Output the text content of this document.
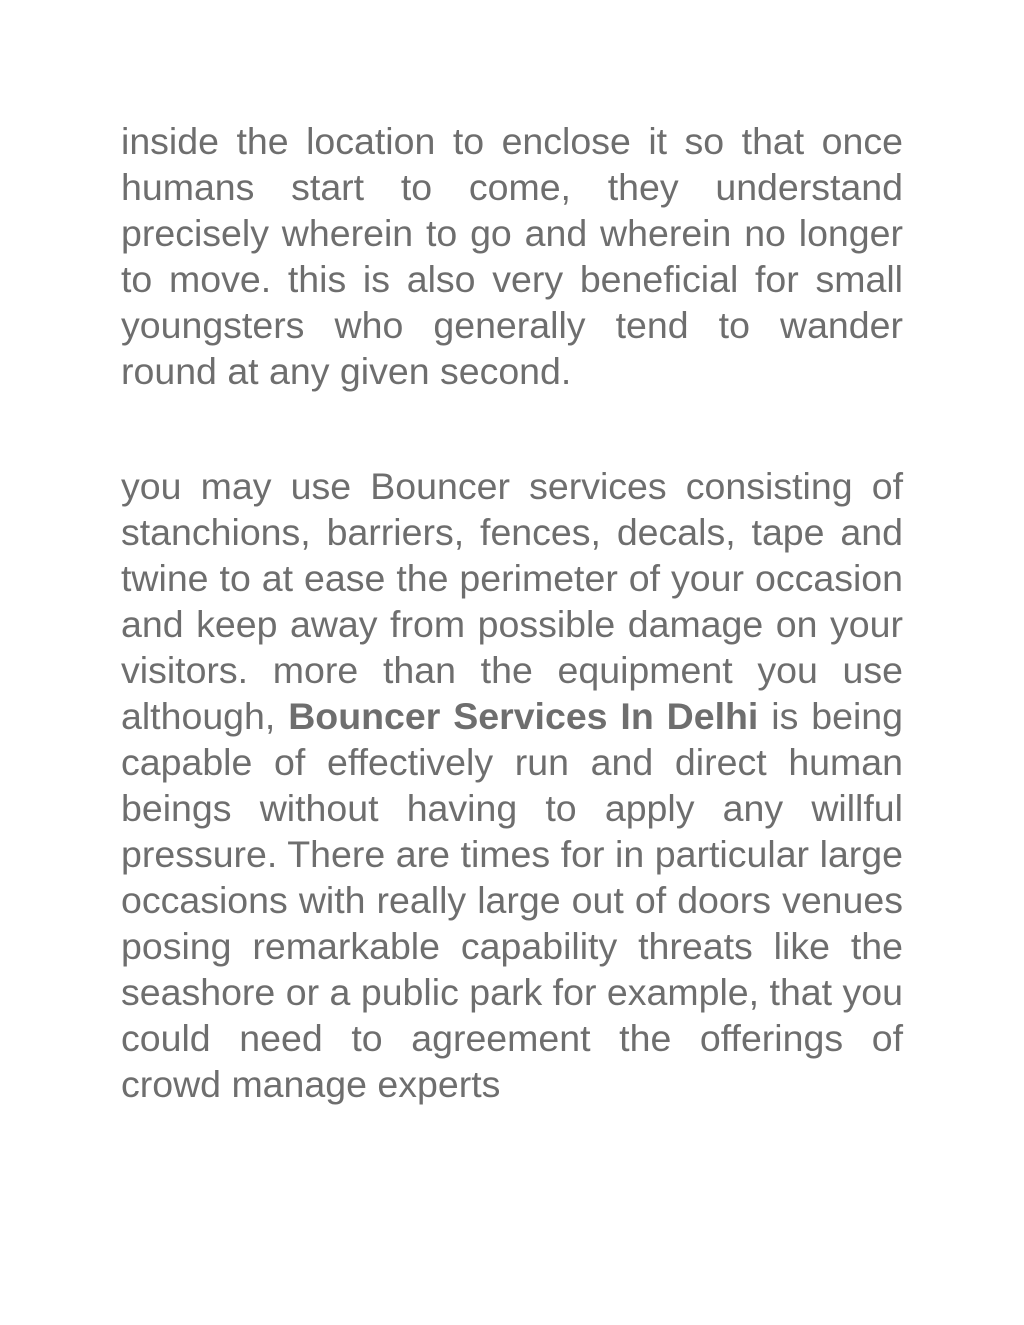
inside the location to enclose it so that once humans start to come, they understand precisely wherein to go and wherein no longer to move. this is also very beneficial for small youngsters who generally tend to wander round at any given second.

you may use Bouncer services consisting of stanchions, barriers, fences, decals, tape and twine to at ease the perimeter of your occasion and keep away from possible damage on your visitors. more than the equipment you use although, Bouncer Services In Delhi is being capable of effectively run and direct human beings without having to apply any willful pressure. There are times for in particular large occasions with really large out of doors venues posing remarkable capability threats like the seashore or a public park for example, that you could need to agreement the offerings of crowd manage experts
